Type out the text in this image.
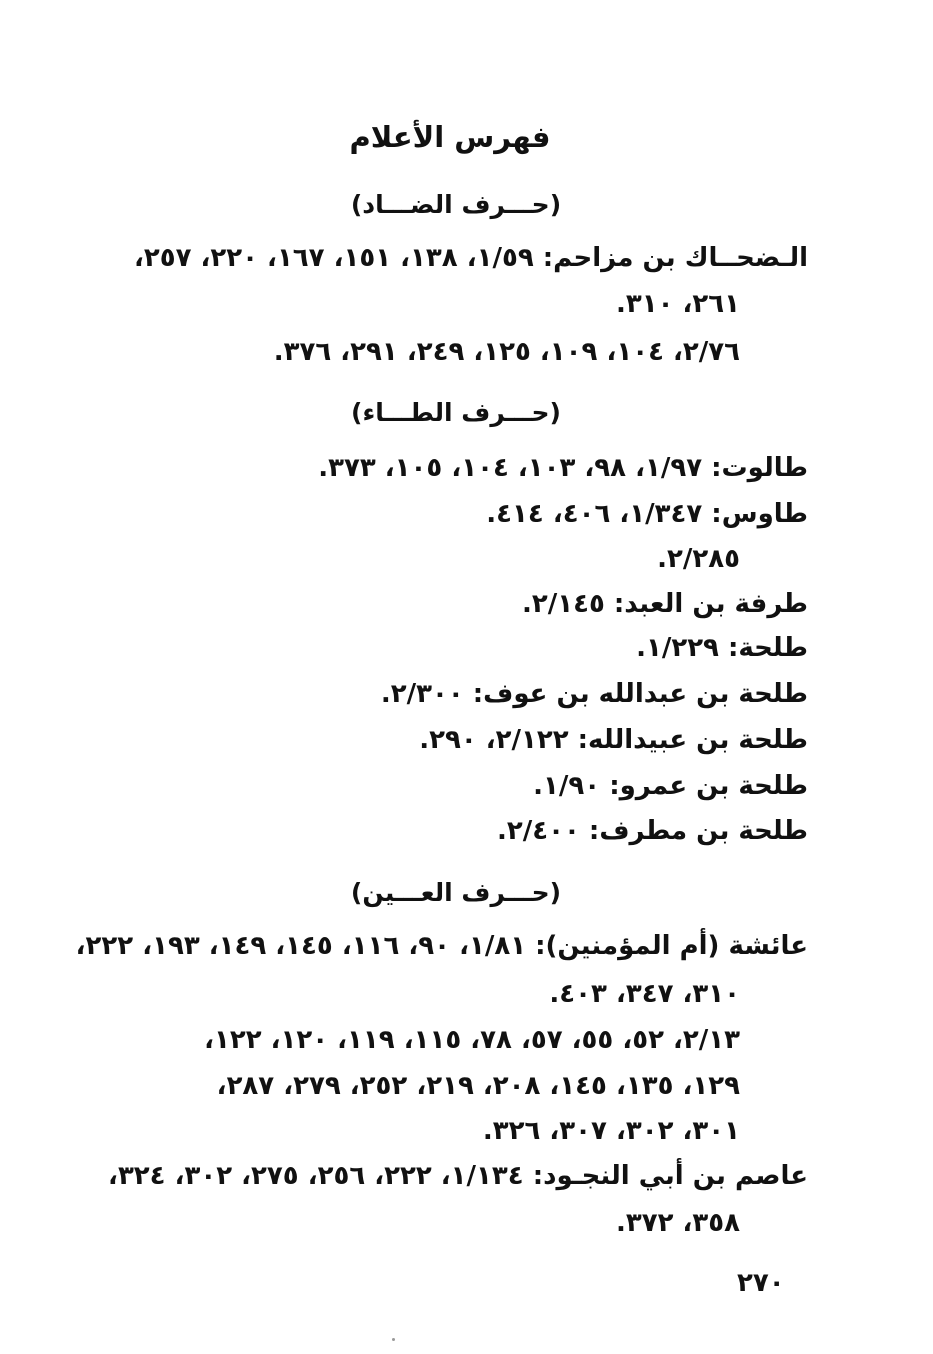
فهرس الأعلام
(حـــرف الضـــاد)
الـضحــاك بن مزاحم: ١/٥٩، ١٣٨، ١٥١، ١٦٧، ٢٢٠، ٢٥٧،
٢٦١، ٣١٠.
٢/٧٦، ١٠٤، ١٠٩، ١٢٥، ٢٤٩، ٢٩١، ٣٧٦.
(حـــرف الطـــاء)
طالوت: ١/٩٧، ٩٨، ١٠٣، ١٠٤، ١٠٥، ٣٧٣.
طاوس: ١/٣٤٧، ٤٠٦، ٤١٤.
٢/٢٨٥.
طرفة بن العبد: ٢/١٤٥.
طلحة: ١/٢٢٩.
طلحة بن عبدالله بن عوف: ٢/٣٠٠.
طلحة بن عبيدالله: ٢/١٢٢، ٢٩٠.
طلحة بن عمرو: ١/٩٠.
طلحة بن مطرف: ٢/٤٠٠.
(حـــرف العـــين)
عائشة (أم المؤمنين): ١/٨١، ٩٠، ١١٦، ١٤٥، ١٤٩، ١٩٣، ٢٢٢،
٣١٠، ٣٤٧، ٤٠٣.
٢/١٣، ٥٢، ٥٥، ٥٧، ٧٨، ١١٥، ١١٩، ١٢٠، ١٢٢،
١٢٩، ١٣٥، ١٤٥، ٢٠٨، ٢١٩، ٢٥٢، ٢٧٩، ٢٨٧،
٣٠١، ٣٠٢، ٣٠٧، ٣٢٦.
عاصم بن أبي النجـود: ١/١٣٤، ٢٢٢، ٢٥٦، ٢٧٥، ٣٠٢، ٣٢٤،
٣٥٨، ٣٧٢.
٢٧٠
